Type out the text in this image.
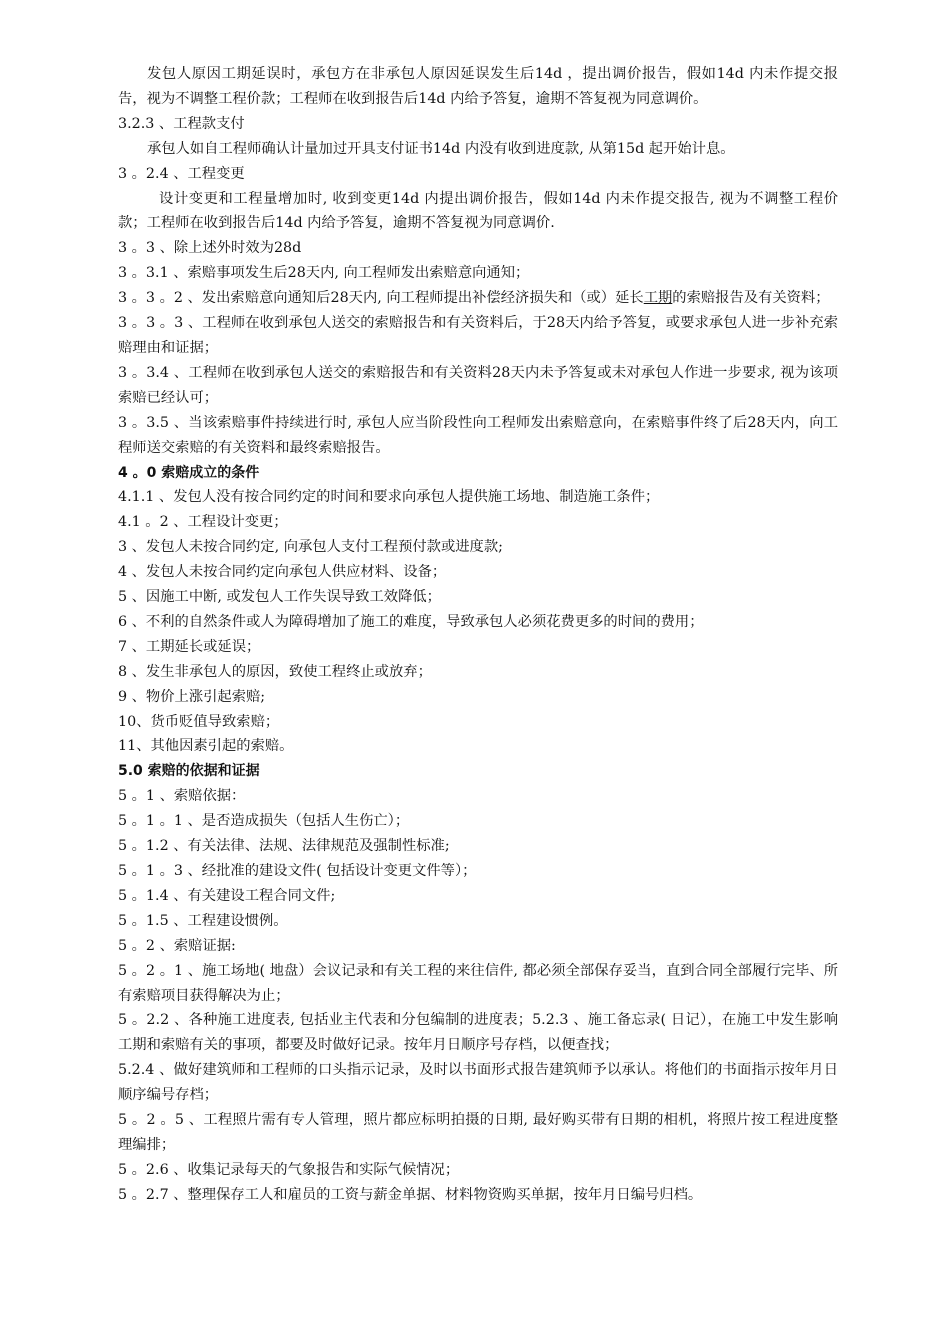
发包人原因工期延误时，承包方在非承包人原因延误发生后14d ，提出调价报告，假如14d 内未作提交报告，视为不调整工程价款；工程师在收到报告后14d 内给予答复，逾期不答复视为同意调价。

3.2.3 、工程款支付

承包人如自工程师确认计量加过开具支付证书14d 内没有收到进度款, 从第15d 起开始计息。

3 。2.4 、工程变更

设计变更和工程量增加时, 收到变更14d 内提出调价报告，假如14d 内未作提交报告, 视为不调整工程价款；工程师在收到报告后14d 内给予答复，逾期不答复视为同意调价.

3 。3 、除上述外时效为28d

3 。3.1 、索赔事项发生后28天内, 向工程师发出索赔意向通知；

3 。3 。2 、发出索赔意向通知后28天内, 向工程师提出补偿经济损失和（或）延长工期的索赔报告及有关资料；

3 。3 。3 、工程师在收到承包人送交的索赔报告和有关资料后，于28天内给予答复，或要求承包人进一步补充索赔理由和证据；

3 。3.4 、工程师在收到承包人送交的索赔报告和有关资料28天内未予答复或未对承包人作进一步要求, 视为该项索赔已经认可；

3 。3.5 、当该索赔事件持续进行时, 承包人应当阶段性向工程师发出索赔意向，在索赔事件终了后28天内，向工程师送交索赔的有关资料和最终索赔报告。

4 。0 索赔成立的条件

4.1.1 、发包人没有按合同约定的时间和要求向承包人提供施工场地、制造施工条件；

4.1 。2 、工程设计变更；

3 、发包人未按合同约定, 向承包人支付工程预付款或进度款;

4 、发包人未按合同约定向承包人供应材料、设备；

5 、因施工中断, 或发包人工作失误导致工效降低；

6 、不利的自然条件或人为障碍增加了施工的难度，导致承包人必须花费更多的时间的费用；

7 、工期延长或延误；

8 、发生非承包人的原因，致使工程终止或放弃；

9 、物价上涨引起索赔;

10、货币贬值导致索赔；

11、其他因素引起的索赔。

5.0 索赔的依据和证据

5 。1 、索赔依据：

5 。1 。1 、是否造成损失（包括人生伤亡）；

5 。1.2 、有关法律、法规、法律规范及强制性标准;

5 。1 。3 、经批准的建设文件( 包括设计变更文件等）；

5 。1.4 、有关建设工程合同文件;

5 。1.5 、工程建设惯例。

5 。2 、索赔证据:

5 。2 。1 、施工场地( 地盘）会议记录和有关工程的来往信件, 都必须全部保存妥当，直到合同全部履行完毕、所有索赔项目获得解决为止；

5 。2.2 、各种施工进度表, 包括业主代表和分包编制的进度表；5.2.3 、施工备忘录( 日记），在施工中发生影响工期和索赔有关的事项，都要及时做好记录。按年月日顺序号存档，以便查找；

5.2.4 、做好建筑师和工程师的口头指示记录，及时以书面形式报告建筑师予以承认。将他们的书面指示按年月日顺序编号存档；

5 。2 。5 、工程照片需有专人管理，照片都应标明拍摄的日期, 最好购买带有日期的相机，将照片按工程进度整理编排；

5 。2.6 、收集记录每天的气象报告和实际气候情况；

5 。2.7 、整理保存工人和雇员的工资与薪金单据、材料物资购买单据，按年月日编号归档。
